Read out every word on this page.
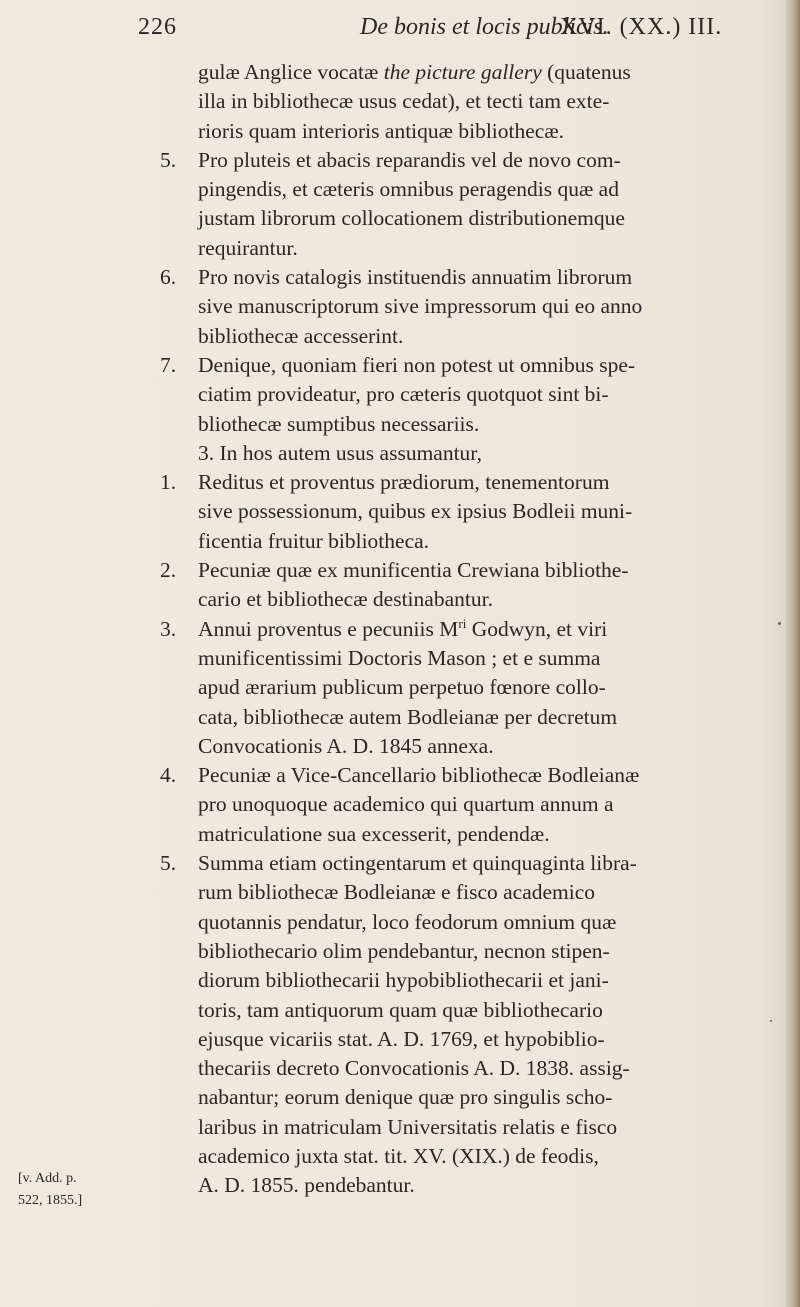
226	De bonis et locis publicis.
XVI. (XX.) III.
gulæ Anglice vocatæ the picture gallery (quatenus
illa in bibliothecæ usus cedat), et tecti tam exte-
rioris quam interioris antiquæ bibliothecæ.
5.	Pro pluteis et abacis reparandis vel de novo com-
pingendis, et cæteris omnibus peragendis quæ ad
justam librorum collocationem distributionemque
requirantur.
6.	Pro novis catalogis instituendis annuatim librorum
sive manuscriptorum sive impressorum qui eo anno
bibliothecæ accesserint.
7.	Denique, quoniam fieri non potest ut omnibus spe-
ciatim provideatur, pro cæteris quotquot sint bi-
bliothecæ sumptibus necessariis.
3. In hos autem usus assumantur,
1.	Reditus et proventus prædiorum, tenementorum
sive possessionum, quibus ex ipsius Bodleii muni-
ficentia fruitur bibliotheca.
2.	Pecuniæ quæ ex munificentia Crewiana bibliothe-
cario et bibliothecæ destinabantur.
3.	Annui proventus e pecuniis $M^{ri}$ Godwyn, et viri
munificentissimi Doctoris Mason ; et e summa
apud ærarium publicum perpetuo fœnore collo-
cata, bibliothecæ autem Bodleianæ per decretum
Convocationis A. D. 1845 annexa.
4.	Pecuniæ a Vice-Cancellario bibliothecæ Bodleianæ
pro unoquoque academico qui quartum annum a
matriculatione sua excesserit, pendendæ.
5.	Summa etiam octingentarum et quinquaginta libra-
rum bibliothecæ Bodleianæ e fisco academico
quotannis pendatur, loco feodorum omnium quæ
bibliothecario olim pendebantur, necnon stipen-
diorum bibliothecarii hypobibliothecarii et jani-
toris, tam antiquorum quam quæ bibliothecario
ejusque vicariis stat. A. D. 1769, et hypobiblio-
thecariis decreto Convocationis A. D. 1838. assig-
nabantur; eorum denique quæ pro singulis scho-
laribus in matriculam Universitatis relatis e fisco
academico juxta stat. tit. XV. (XIX.) de feodis,
A. D. 1855. pendebantur.
[v. Add. p.
522, 1855.]
